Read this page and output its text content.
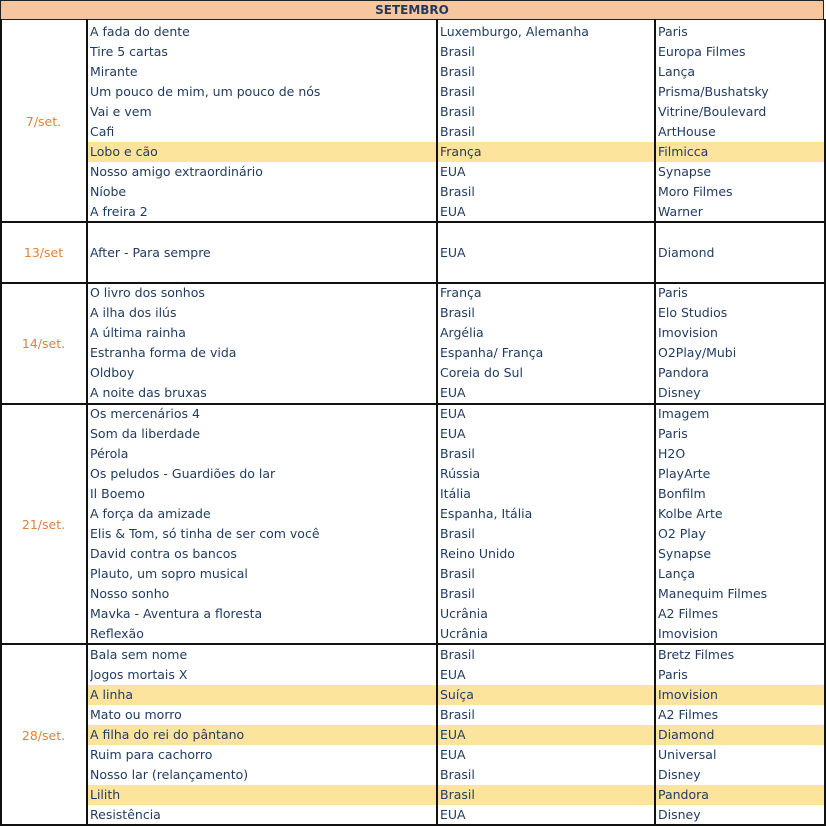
SETEMBRO
7/set.
A fada do dente	Luxemburgo, Alemanha	Paris
Tire 5 cartas	Brasil	Europa Filmes
Mirante	Brasil	Lança
Um pouco de mim, um pouco de nós	Brasil	Prisma/Bushatsky
Vai e vem	Brasil	Vitrine/Boulevard
Cafi	Brasil	ArtHouse
Lobo e cão	França	Filmicca
Nosso amigo extraordinário	EUA	Synapse
Níobe	Brasil	Moro Filmes
A freira 2	EUA	Warner
13/set	After - Para sempre	EUA	Diamond
14/set.
O livro dos sonhos	França	Paris
A ilha dos ilús	Brasil	Elo Studios
A última rainha	Argélia	Imovision
Estranha forma de vida	Espanha/ França	O2Play/Mubi
Oldboy	Coreia do Sul	Pandora
A noite das bruxas	EUA	Disney
21/set.
Os mercenários 4	EUA	Imagem
Som da liberdade	EUA	Paris
Pérola	Brasil	H2O
Os peludos - Guardiões do lar	Rússia	PlayArte
Il Boemo	Itália	Bonfilm
A força da amizade	Espanha, Itália	Kolbe Arte
Elis & Tom, só tinha de ser com você	Brasil	O2 Play
David contra os bancos	Reino Unido	Synapse
Plauto, um sopro musical	Brasil	Lança
Nosso sonho	Brasil	Manequim Filmes
Mavka - Aventura a floresta	Ucrânia	A2 Filmes
Reflexão	Ucrânia	Imovision
28/set.
Bala sem nome	Brasil	Bretz Filmes
Jogos mortais X	EUA	Paris
A linha	Suíça	Imovision
Mato ou morro	Brasil	A2 Filmes
A filha do rei do pântano	EUA	Diamond
Ruim para cachorro	EUA	Universal
Nosso lar (relançamento)	Brasil	Disney
Lilith	Brasil	Pandora
Resistência	EUA	Disney
